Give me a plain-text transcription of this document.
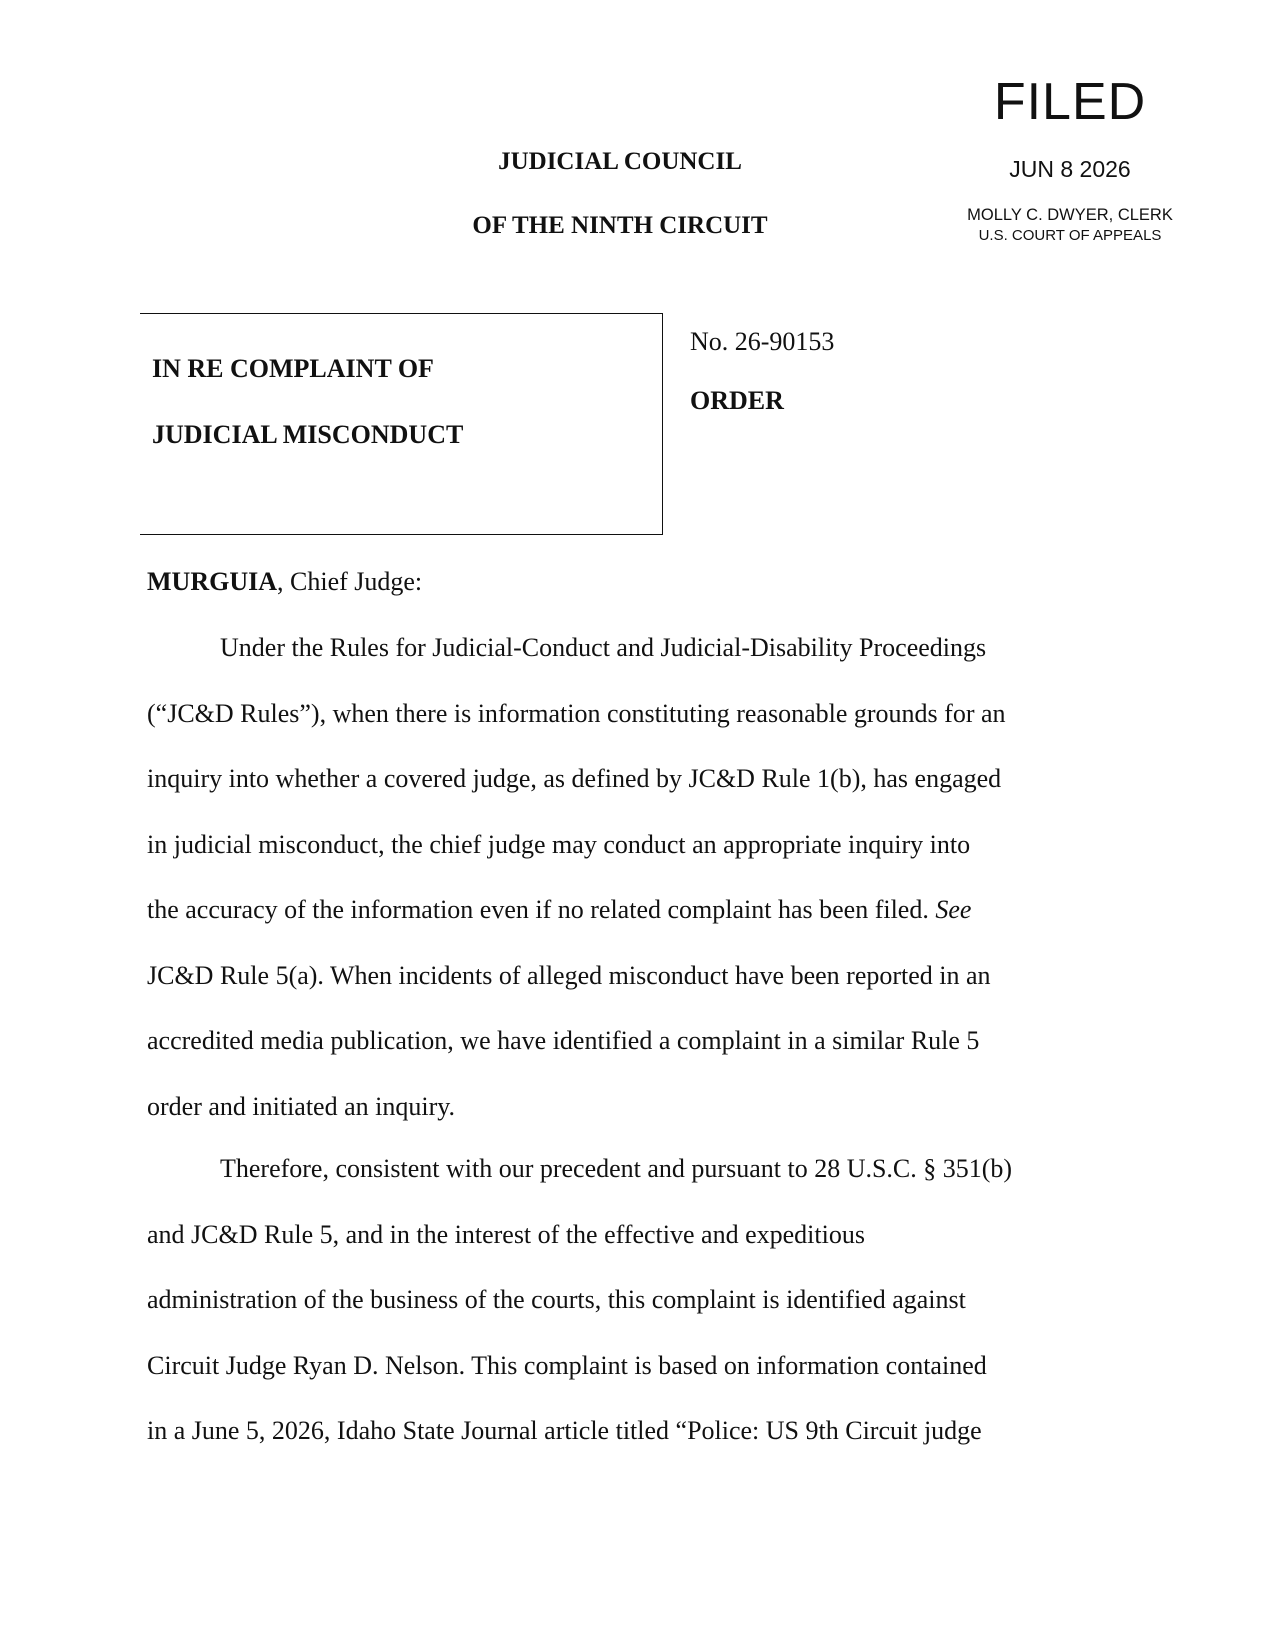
FILED
JUN 8 2026
MOLLY C. DWYER, CLERK
U.S. COURT OF APPEALS
JUDICIAL COUNCIL
OF THE NINTH CIRCUIT
IN RE COMPLAINT OF
JUDICIAL MISCONDUCT
No. 26-90153
ORDER
MURGUIA, Chief Judge:
Under the Rules for Judicial-Conduct and Judicial-Disability Proceedings
(“JC&D Rules”), when there is information constituting reasonable grounds for an
inquiry into whether a covered judge, as defined by JC&D Rule 1(b), has engaged
in judicial misconduct, the chief judge may conduct an appropriate inquiry into
the accuracy of the information even if no related complaint has been filed. See
JC&D Rule 5(a). When incidents of alleged misconduct have been reported in an
accredited media publication, we have identified a complaint in a similar Rule 5
order and initiated an inquiry.
Therefore, consistent with our precedent and pursuant to 28 U.S.C. § 351(b)
and JC&D Rule 5, and in the interest of the effective and expeditious
administration of the business of the courts, this complaint is identified against
Circuit Judge Ryan D. Nelson. This complaint is based on information contained
in a June 5, 2026, Idaho State Journal article titled “Police: US 9th Circuit judge
